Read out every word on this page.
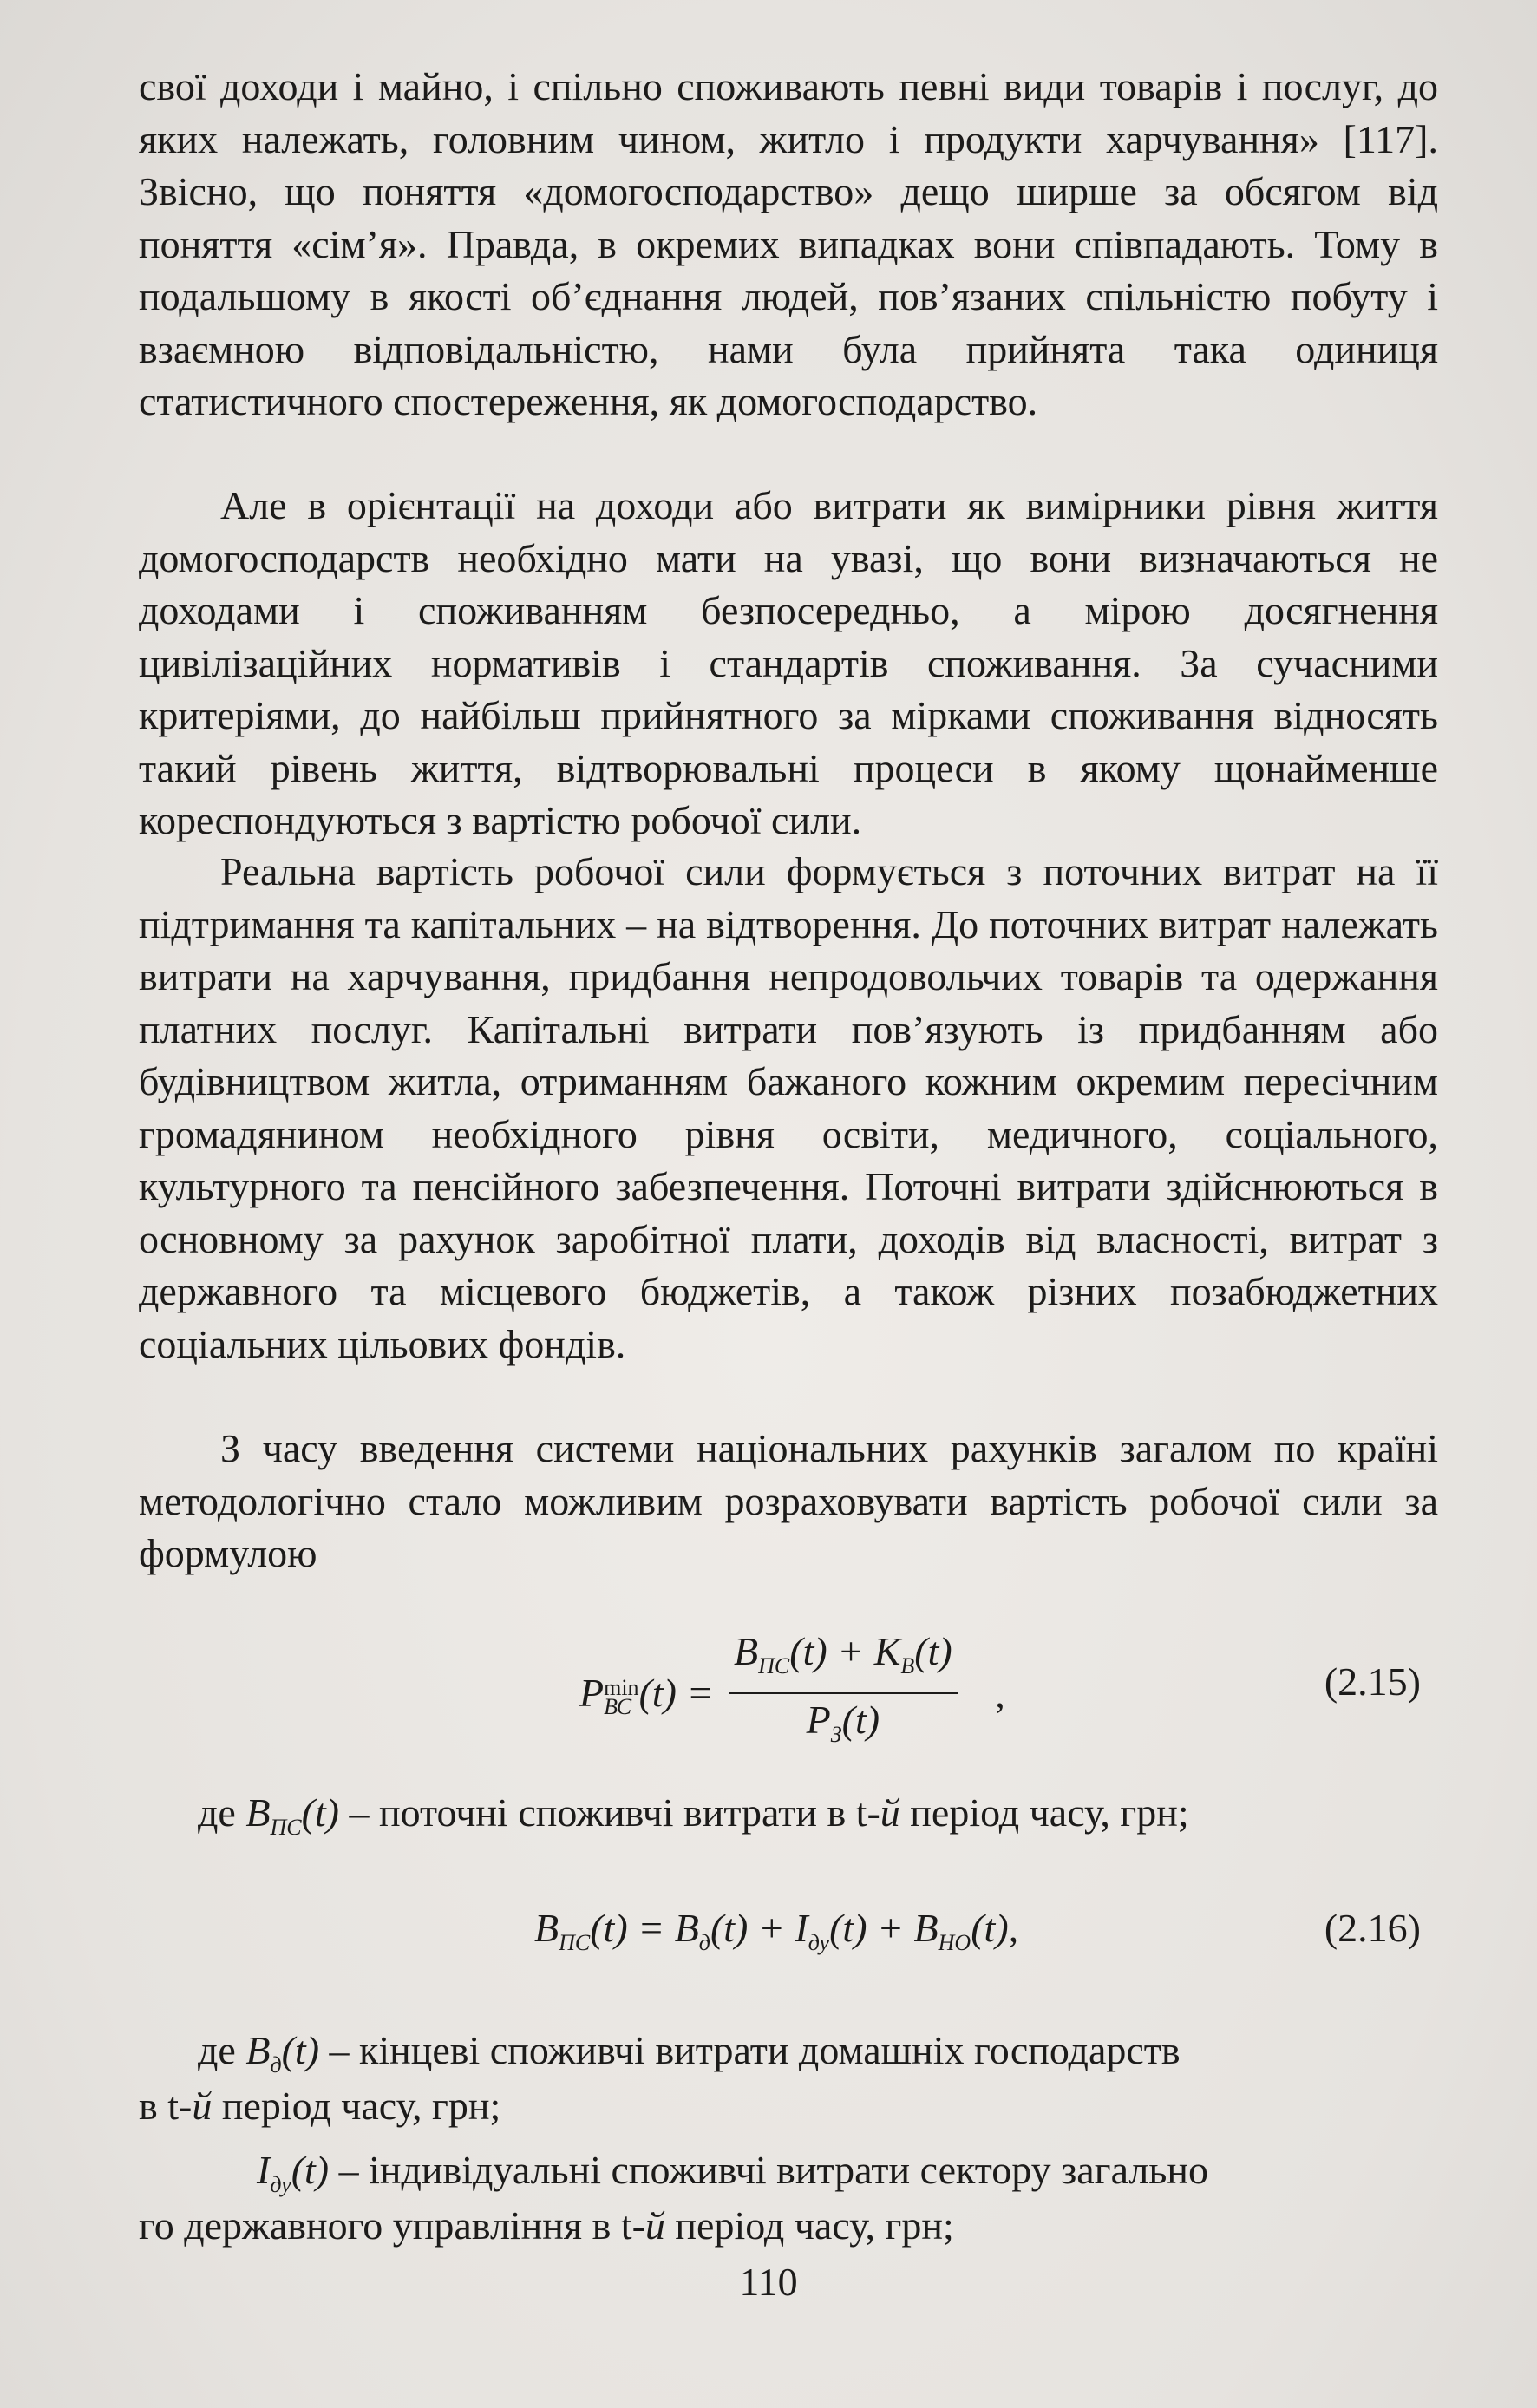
свої доходи і майно, і спільно споживають певні види товарів і послуг, до яких належать, головним чином, житло і продукти харчування» [117]. Звісно, що поняття «домогосподарство» дещо ширше за обсягом від поняття «сім’я». Правда, в окремих випадках вони співпадають. Тому в подальшому в якості об’єднання людей, пов’язаних спільністю побуту і взаємною відповідальністю, нами була прийнята така одиниця статистичного спостереження, як домогосподарство.

Але в орієнтації на доходи або витрати як вимірники рівня життя домогосподарств необхідно мати на увазі, що вони визначаються не доходами і споживанням безпосередньо, а мірою досягнення цивілізаційних нормативів і стандартів споживання. За сучасними критеріями, до найбільш прийнятного за мірками споживання відносять такий рівень життя, відтворювальні процеси в якому щонайменше кореспондуються з вартістю робочої сили.

Реальна вартість робочої сили формується з поточних витрат на її підтримання та капітальних – на відтворення. До поточних витрат належать витрати на харчування, придбання непродовольчих товарів та одержання платних послуг. Капітальні витрати пов’язують із придбанням або будівництвом житла, отриманням бажаного кожним окремим пересічним громадянином необхідного рівня освіти, медичного, соціального, культурного та пенсійного забезпечення. Поточні витрати здійснюються в основному за рахунок заробітної плати, доходів від власності, витрат з державного та місцевого бюджетів, а також різних позабюджетних соціальних цільових фондів.

З часу введення системи національних рахунків загалом по країні методологічно стало можливим розраховувати вартість робочої сили за формулою

P min
ВС $(t) = \frac{B_{ПС}(t) + K_В(t)}{P_З(t)}$ ,	(2.15)
де $B_{ПС}(t)$ – поточні споживчі витрати в t-й період часу, грн;
$B_{ПС}(t) = B_д(t) + I_{ду}(t) + B_{НО}(t)$,	(2.16)
де $B_д(t)$ – кінцеві споживчі витрати домашніх господарств
в t-й період часу, грн;
$I_{ду}(t)$ – індивідуальні споживчі витрати сектору загально
го державного управління в t-й період часу, грн;
110
